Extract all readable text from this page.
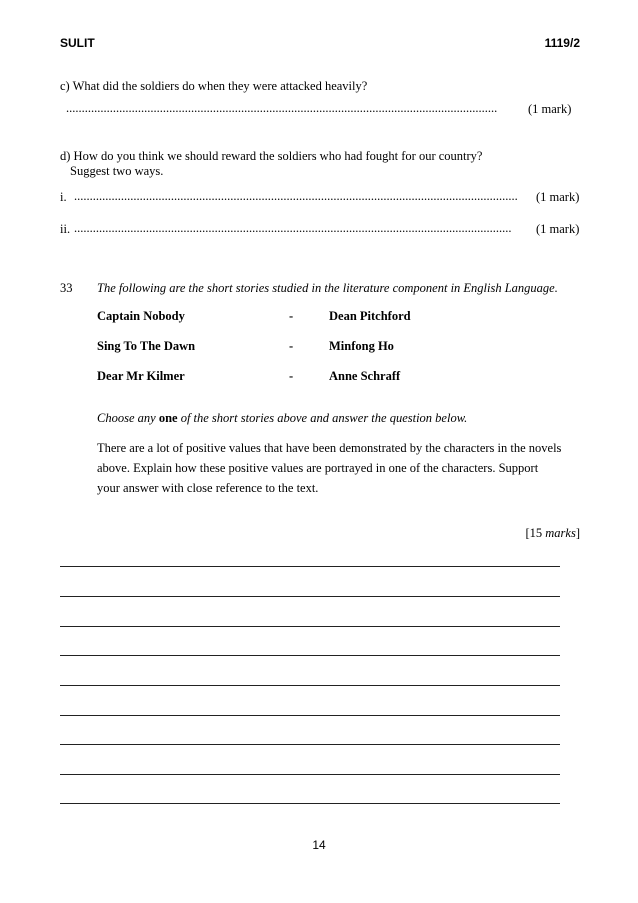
SULIT	1119/2
c) What did the soldiers do when they were attacked heavily?
..........................................................................................................................................	(1 mark)
d) How do you think we should reward the soldiers who had fought for our country?
Suggest two ways.
i. ..............................................................................................................................................	(1 mark)
ii. ............................................................................................................................................	(1 mark)
33 The following are the short stories studied in the literature component in English Language.
Captain Nobody	-	Dean Pitchford
Sing To The Dawn	-	Minfong Ho
Dear Mr Kilmer	-	Anne Schraff
Choose any one of the short stories above and answer the question below.
There are a lot of positive values that have been demonstrated by the characters in the novels
above. Explain how these positive values are portrayed in one of the characters. Support
your answer with close reference to the text.
[15 marks]
14
